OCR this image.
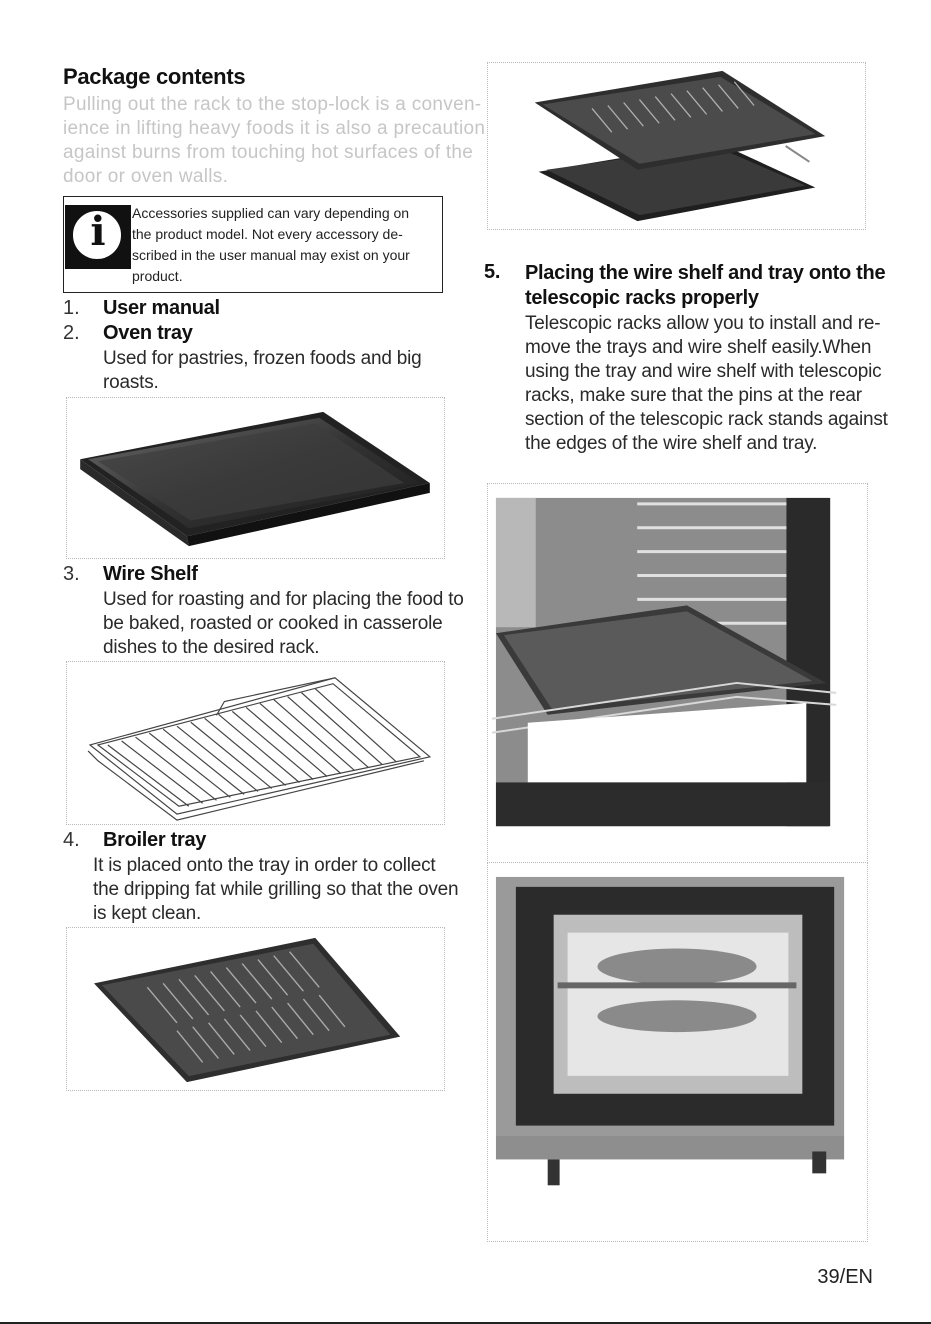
Package contents
Pulling out the rack to the stop-lock is a conven-
ience in lifting heavy foods it is also a precaution
against burns from touching hot surfaces of the
door or oven walls.
i	Accessories supplied can vary depending on
the product model. Not every accessory de-
scribed in the user manual may exist on your
product.
1. User manual
2. Oven tray
Used for pastries, frozen foods and big
roasts.
3. Wire Shelf
Used for roasting and for placing the food to
be baked, roasted or cooked in casserole
dishes to the desired rack.
4. Broiler tray
It is placed onto the tray in order to collect
the dripping fat while grilling so that the oven
is kept clean.
5. Placing the wire shelf and tray onto the
telescopic racks properly
Telescopic racks allow you to install and re-
move the trays and wire shelf easily.When
using the tray and wire shelf with telescopic
racks, make sure that the pins at the rear
section of the telescopic rack stands against
the edges of the wire shelf and tray.
39/EN
